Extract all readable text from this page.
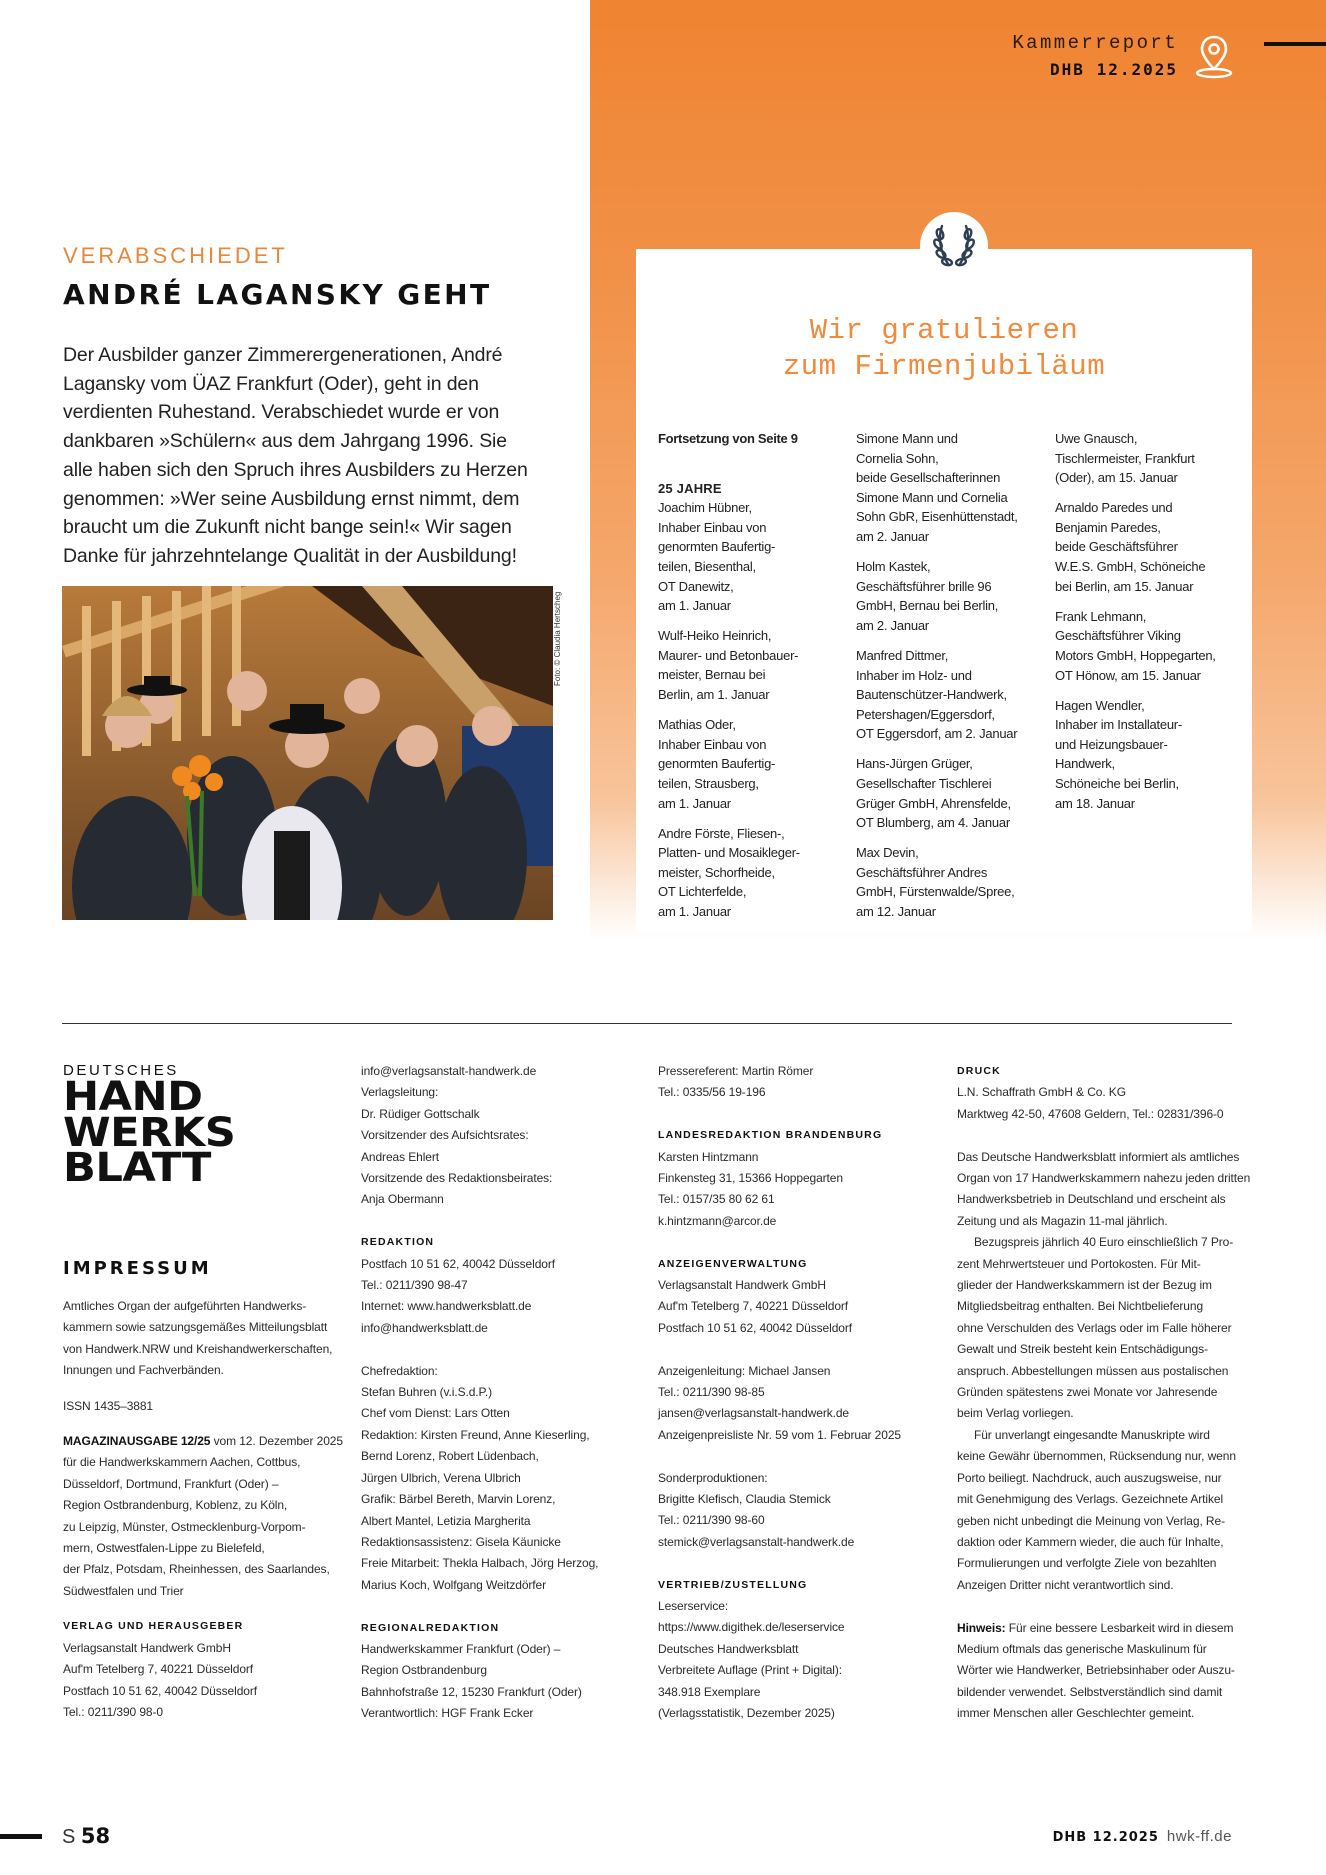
Kammerreport
DHB 12.2025
VERABSCHIEDET
ANDRÉ LAGANSKY GEHT
Der Ausbilder ganzer Zimmerergenerationen, André
Lagansky vom ÜAZ Frankfurt (Oder), geht in den
verdienten Ruhestand. Verabschiedet wurde er von
dankbaren »Schülern« aus dem Jahrgang 1996. Sie
alle haben sich den Spruch ihres Ausbilders zu Herzen
genommen: »Wer seine Ausbildung ernst nimmt, dem
braucht um die Zukunft nicht bange sein!« Wir sagen
Danke für jahrzehntelange Qualität in der Ausbildung!
Foto: © Claudia Hertscheg
Wir gratulieren
zum Firmenjubiläum
Fortsetzung von Seite 9
25 JAHRE
Joachim Hübner,
Inhaber Einbau von
genormten Baufertig-
teilen, Biesenthal,
OT Danewitz,
am 1. Januar
Wulf-Heiko Heinrich,
Maurer- und Betonbauer-
meister, Bernau bei
Berlin, am 1. Januar
Mathias Oder,
Inhaber Einbau von
genormten Baufertig-
teilen, Strausberg,
am 1. Januar
Andre Förste, Fliesen-,
Platten- und Mosaikleger-
meister, Schorfheide,
OT Lichterfelde,
am 1. Januar
Simone Mann und
Cornelia Sohn,
beide Gesellschafterinnen
Simone Mann und Cornelia
Sohn GbR, Eisenhüttenstadt,
am 2. Januar
Holm Kastek,
Geschäftsführer brille 96
GmbH, Bernau bei Berlin,
am 2. Januar
Manfred Dittmer,
Inhaber im Holz- und
Bautenschützer-Handwerk,
Petershagen/Eggersdorf,
OT Eggersdorf, am 2. Januar
Hans-Jürgen Grüger,
Gesellschafter Tischlerei
Grüger GmbH, Ahrensfelde,
OT Blumberg, am 4. Januar
Max Devin,
Geschäftsführer Andres
GmbH, Fürstenwalde/Spree,
am 12. Januar
Uwe Gnausch,
Tischlermeister, Frankfurt
(Oder), am 15. Januar
Arnaldo Paredes und
Benjamin Paredes,
beide Geschäftsführer
W.E.S. GmbH, Schöneiche
bei Berlin, am 15. Januar
Frank Lehmann,
Geschäftsführer Viking
Motors GmbH, Hoppegarten,
OT Hönow, am 15. Januar
Hagen Wendler,
Inhaber im Installateur-
und Heizungsbauer-
Handwerk,
Schöneiche bei Berlin,
am 18. Januar
DEUTSCHES
HAND
WERKS
BLATT
IMPRESSUM
Amtliches Organ der aufgeführten Handwerks-
kammern sowie satzungsgemäßes Mitteilungsblatt
von Handwerk.NRW und Kreishandwerkerschaften,
Innungen und Fachverbänden.
ISSN 1435–3881
MAGAZINAUSGABE 12/25 vom 12. Dezember 2025
für die Handwerkskammern Aachen, Cottbus,
Düsseldorf, Dortmund, Frankfurt (Oder) –
Region Ostbrandenburg, Koblenz, zu Köln,
zu Leipzig, Münster, Ostmecklenburg-Vorpom-
mern, Ostwestfalen-Lippe zu Bielefeld,
der Pfalz, Potsdam, Rheinhessen, des Saarlandes,
Südwestfalen und Trier
VERLAG UND HERAUSGEBER
Verlagsanstalt Handwerk GmbH
Auf'm Tetelberg 7, 40221 Düsseldorf
Postfach 10 51 62, 40042 Düsseldorf
Tel.: 0211/390 98-0
info@verlagsanstalt-handwerk.de
Verlagsleitung:
Dr. Rüdiger Gottschalk
Vorsitzender des Aufsichtsrates:
Andreas Ehlert
Vorsitzende des Redaktionsbeirates:
Anja Obermann
REDAKTION
Postfach 10 51 62, 40042 Düsseldorf
Tel.: 0211/390 98-47
Internet: www.handwerksblatt.de
info@handwerksblatt.de
Chefredaktion:
Stefan Buhren (v.i.S.d.P.)
Chef vom Dienst: Lars Otten
Redaktion: Kirsten Freund, Anne Kieserling,
Bernd Lorenz, Robert Lüdenbach,
Jürgen Ulbrich, Verena Ulbrich
Grafik: Bärbel Bereth, Marvin Lorenz,
Albert Mantel, Letizia Margherita
Redaktionsassistenz: Gisela Käunicke
Freie Mitarbeit: Thekla Halbach, Jörg Herzog,
Marius Koch, Wolfgang Weitzdörfer
REGIONALREDAKTION
Handwerkskammer Frankfurt (Oder) –
Region Ostbrandenburg
Bahnhofstraße 12, 15230 Frankfurt (Oder)
Verantwortlich: HGF Frank Ecker
Pressereferent: Martin Römer
Tel.: 0335/56 19-196
LANDESREDAKTION BRANDENBURG
Karsten Hintzmann
Finkensteg 31, 15366 Hoppegarten
Tel.: 0157/35 80 62 61
k.hintzmann@arcor.de
ANZEIGENVERWALTUNG
Verlagsanstalt Handwerk GmbH
Auf'm Tetelberg 7, 40221 Düsseldorf
Postfach 10 51 62, 40042 Düsseldorf
Anzeigenleitung: Michael Jansen
Tel.: 0211/390 98-85
jansen@verlagsanstalt-handwerk.de
Anzeigenpreisliste Nr. 59 vom 1. Februar 2025
Sonderproduktionen:
Brigitte Klefisch, Claudia Stemick
Tel.: 0211/390 98-60
stemick@verlagsanstalt-handwerk.de
VERTRIEB/ZUSTELLUNG
Leserservice:
https://www.digithek.de/leserservice
Deutsches Handwerksblatt
Verbreitete Auflage (Print + Digital):
348.918 Exemplare
(Verlagsstatistik, Dezember 2025)
DRUCK
L.N. Schaffrath GmbH & Co. KG
Marktweg 42-50, 47608 Geldern, Tel.: 02831/396-0
Das Deutsche Handwerksblatt informiert als amtliches
Organ von 17 Handwerkskammern nahezu jeden dritten
Handwerksbetrieb in Deutschland und erscheint als
Zeitung und als Magazin 11-mal jährlich.
Bezugspreis jährlich 40 Euro einschließlich 7 Pro-
zent Mehrwertsteuer und Portokosten. Für Mit-
glieder der Handwerkskammern ist der Bezug im
Mitgliedsbeitrag enthalten. Bei Nichtbelieferung
ohne Verschulden des Verlags oder im Falle höherer
Gewalt und Streik besteht kein Entschädigungs-
anspruch. Abbestellungen müssen aus postalischen
Gründen spätestens zwei Monate vor Jahresende
beim Verlag vorliegen.
Für unverlangt eingesandte Manuskripte wird
keine Gewähr übernommen, Rücksendung nur, wenn
Porto beiliegt. Nachdruck, auch auszugsweise, nur
mit Genehmigung des Verlags. Gezeichnete Artikel
geben nicht unbedingt die Meinung von Verlag, Re-
daktion oder Kammern wieder, die auch für Inhalte,
Formulierungen und verfolgte Ziele von bezahlten
Anzeigen Dritter nicht verantwortlich sind.
Hinweis: Für eine bessere Lesbarkeit wird in diesem
Medium oftmals das generische Maskulinum für
Wörter wie Handwerker, Betriebsinhaber oder Auszu-
bildender verwendet. Selbstverständlich sind damit
immer Menschen aller Geschlechter gemeint.
S 58	DHB 12.2025 hwk-ff.de
